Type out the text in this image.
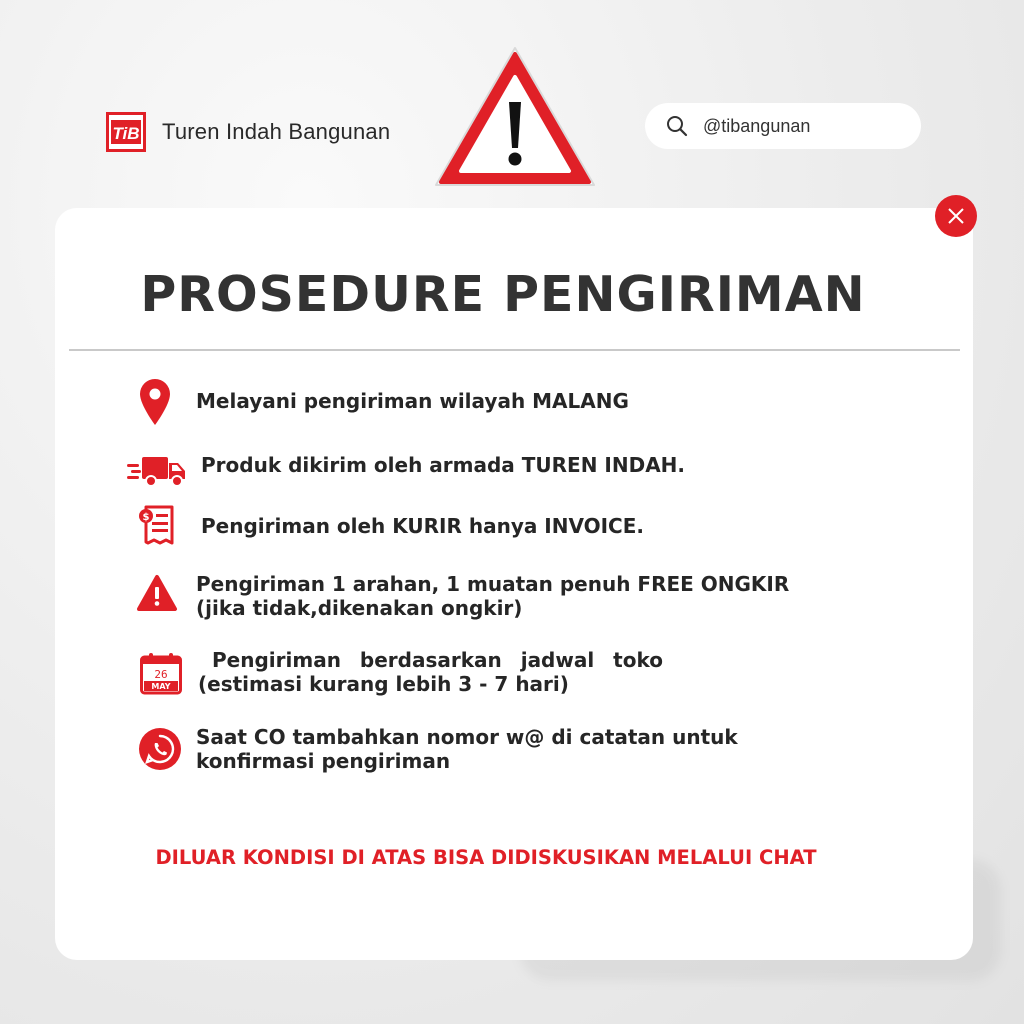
TiB Turen Indah Bangunan	@tibangunan
PROSEDURE PENGIRIMAN
Melayani pengiriman wilayah MALANG
Produk dikirim oleh armada TUREN INDAH.
$	Pengiriman oleh KURIR hanya INVOICE.
Pengiriman 1 arahan, 1 muatan penuh FREE ONGKIR
(jika tidak,dikenakan ongkir)
26
MAY
Pengiriman berdasarkan jadwal toko
(estimasi kurang lebih 3 - 7 hari)
Saat CO tambahkan nomor w@ di catatan untuk
konfirmasi pengiriman

DILUAR KONDISI DI ATAS BISA DIDISKUSIKAN MELALUI CHAT
